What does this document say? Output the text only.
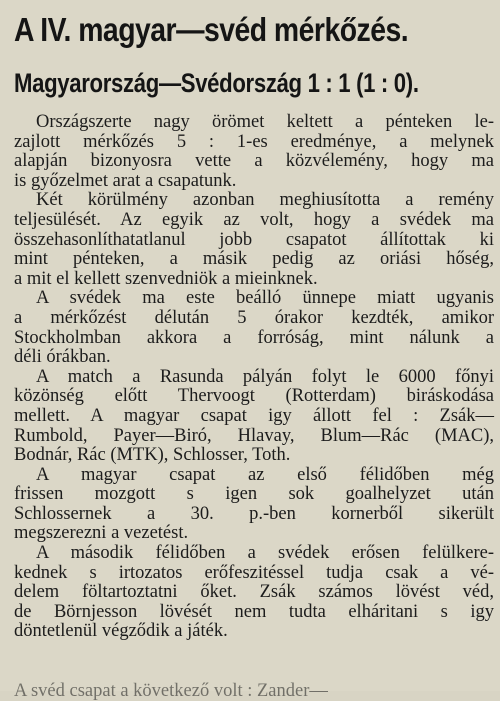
A IV. magyar—svéd mérkőzés.
Magyarország—Svédország 1 : 1 (1 : 0).
Országszerte nagy örömet keltett a pénteken le-
zajlott mérkőzés 5 : 1-es eredménye, a melynek
alapján bizonyosra vette a közvélemény, hogy ma
is győzelmet arat a csapatunk.
Két körülmény azonban meghiusította a remény
teljesülését. Az egyik az volt, hogy a svédek ma
összehasonlíthatatlanul jobb csapatot állítottak ki
mint pénteken, a másik pedig az oriási hőség,
a mit el kellett szenvedniök a mieinknek.
A svédek ma este beálló ünnepe miatt ugyanis
a mérkőzést délután 5 órakor kezdték, amikor
Stockholmban akkora a forróság, mint nálunk a
déli órákban.
A match a Rasunda pályán folyt le 6000 főnyi
közönség előtt Thervoogt (Rotterdam) biráskodása
mellett. A magyar csapat igy állott fel : Zsák—
Rumbold, Payer—Biró, Hlavay, Blum—Rác (MAC),
Bodnár, Rác (MTK), Schlosser, Toth.
A magyar csapat az első félidőben még
frissen mozgott s igen sok goalhelyzet után
Schlossernek a 30. p.-ben kornerből sikerült
megszerezni a vezetést.
A második félidőben a svédek erősen felülkere-
kednek s irtozatos erőfeszitéssel tudja csak a vé-
delem föltartoztatni őket. Zsák számos lövést véd,
de Börnjesson lövését nem tudta elháritani s igy
döntetlenül végződik a játék.
A svéd csapat a következő volt : Zander—
